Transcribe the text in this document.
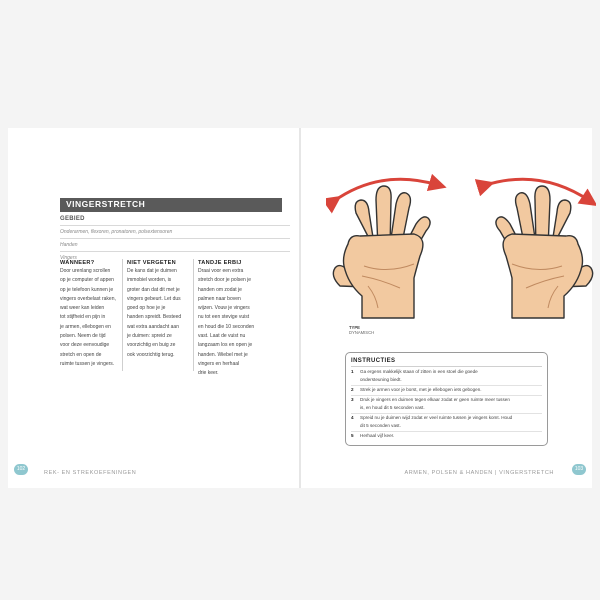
VINGERSTRETCH
GEBIED
Onderarmen, flexoren, pronatoren, polsextensoren
Handen
Vingers
WANNEER?
Door urenlang scrollen
op je computer of appen
op je telefoon kunnen je
vingers overbelast raken,
wat weer kan leiden
tot stijfheid en pijn in
je armen, ellebogen en
polsen. Neem de tijd
voor deze eenvoudige
stretch en open de
ruimte tussen je vingers.
NIET VERGETEN
De kans dat je duimen
immobiel worden, is
groter dan dat dit met je
vingers gebeurt. Let dus
goed op hoe je je
handen spreidt. Besteed
wat extra aandacht aan
je duimen: spreid ze
voorzichtig en buig ze
ook voorzichtig terug.
TANDJE ERBIJ
Draai voor een extra
stretch door je polsen je
handen om zodat je
palmen naar boven
wijzen. Vouw je vingers
nu tot een stevige vuist
en houd die 10 seconden
vast. Laat de vuist nu
langzaam los en open je
handen. Wiebel met je
vingers en herhaal
drie keer.
102
REK- EN STREKOEFENINGEN
TYPE
DYNAMISCH
INSTRUCTIES
1 Ga ergens makkelijk staan of zitten in een stoel die goede
ondersteuning biedt.
2 Strek je armen voor je borst, met je ellebogen iets gebogen.
3 Druk je vingers en duimen tegen elkaar zodat er geen ruimte meer tussen
is, en houd dit 5 seconden vast.
4 Spreid nu je duimen wijd zodat er veel ruimte tussen je vingers komt. Houd
dit 5 seconden vast.
5 Herhaal vijf keer.
ARMEN, POLSEN & HANDEN | VINGERSTRETCH
103
